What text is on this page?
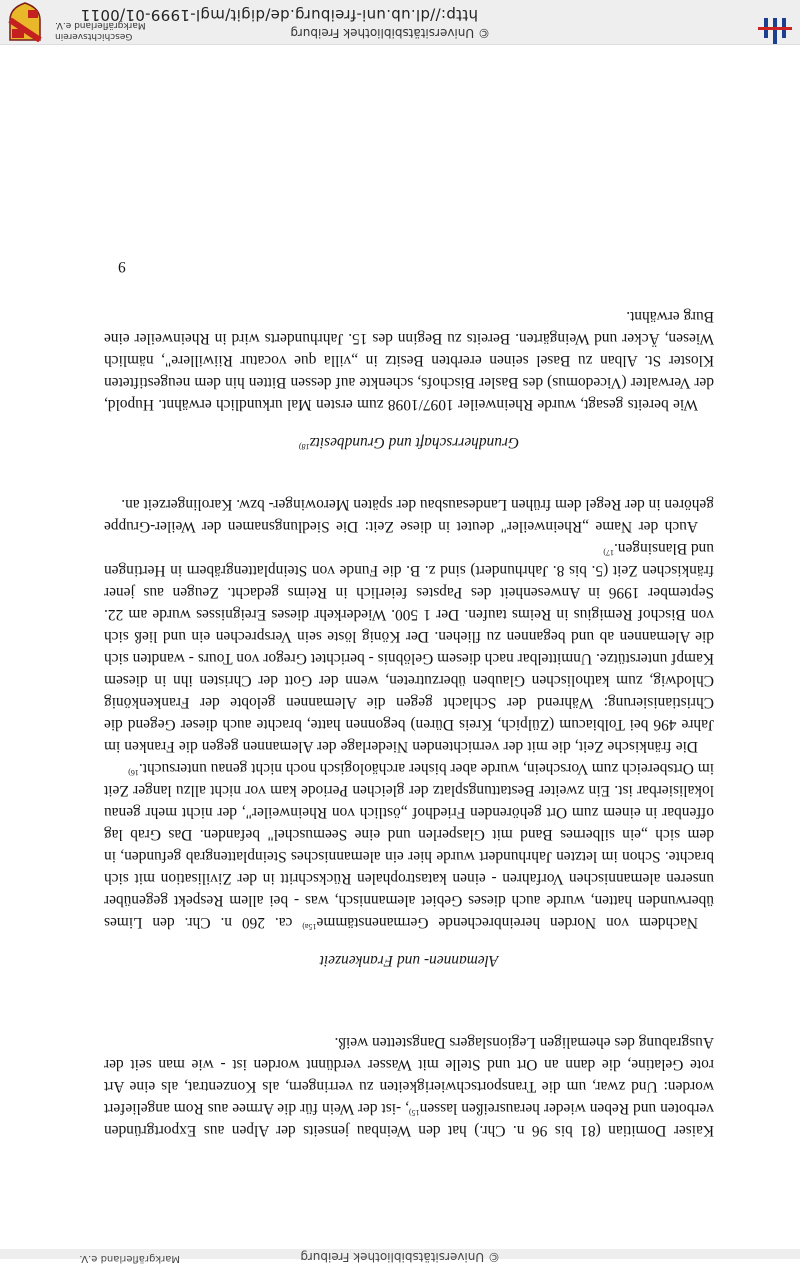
© Universitätsbibliothek Freiburg
Markgräflerland e.V.

Kaiser Domitian (81 bis 96 n. Chr.) hat den Weinbau jenseits der Alpen aus Exportgründen verboten und Reben wieder herausreißen lassen$^{15)}$, -ist der Wein für die Armee aus Rom angeliefert worden: Und zwar, um die Transportschwierigkeiten zu verringern, als Konzentrat, als eine Art rote Gelatine, die dann an Ort und Stelle mit Wasser verdünnt worden ist - wie man seit der Ausgrabung des ehemaligen Legionslagers Dangstetten weiß.

Alemannen- und Frankenzeit

Nachdem von Norden hereinbrechende Germanenstämme$^{15a)}$ ca. 260 n. Chr. den Limes überwunden hatten, wurde auch dieses Gebiet alemannisch, was - bei allem Respekt gegenüber unseren alemannischen Vorfahren - einen katastrophalen Rückschritt in der Zivilisation mit sich brachte. Schon im letzten Jahrhundert wurde hier ein alemannisches Steinplattengrab gefunden, in dem sich „ein silbernes Band mit Glasperlen und eine Seemuschel" befanden. Das Grab lag offenbar in einem zum Ort gehörenden Friedhof „östlich von Rheinweiler", der nicht mehr genau lokalisierbar ist. Ein zweiter Bestattungsplatz der gleichen Periode kam vor nicht allzu langer Zeit im Ortsbereich zum Vorschein, wurde aber bisher archäologisch noch nicht genau untersucht.$^{16)}$

Die fränkische Zeit, die mit der vernichtenden Niederlage der Alemannen gegen die Franken im Jahre 496 bei Tolbiacum (Zülpich, Kreis Düren) begonnen hatte, brachte auch dieser Gegend die Christianisierung: Während der Schlacht gegen die Alemannen gelobte der Frankenkönig Chlodwig, zum katholischen Glauben überzutreten, wenn der Gott der Christen ihn in diesem Kampf unterstütze. Unmittelbar nach diesem Gelöbnis - berichtet Gregor von Tours - wandten sich die Alemannen ab und begannen zu fliehen. Der König löste sein Versprechen ein und ließ sich von Bischof Remigius in Reims taufen. Der 1 500. Wiederkehr dieses Ereignisses wurde am 22. September 1996 in Anwesenheit des Papstes feierlich in Reims gedacht. Zeugen aus jener fränkischen Zeit (5. bis 8. Jahrhundert) sind z. B. die Funde von Steinplattengräbern in Hertingen und Blansingen.$^{17)}$

Auch der Name „Rheinweiler" deutet in diese Zeit: Die Siedlungsnamen der Weiler-Gruppe gehören in der Regel dem frühen Landesausbau der späten Merowinger- bzw. Karolingerzeit an.

Grundherrschaft und Grundbesitz$^{18)}$

Wie bereits gesagt, wurde Rheinweiler 1097/1098 zum ersten Mal urkundlich erwähnt. Hupold, der Verwalter (Vicedomus) des Basler Bischofs, schenkte auf dessen Bitten hin dem neugestifteten Kloster St. Alban zu Basel seinen ererbten Besitz in „villa que vocatur Riiwillere", nämlich Wiesen, Äcker und Weingärten. Bereits zu Beginn des 15. Jahrhunderts wird in Rheinweiler eine Burg erwähnt.

9
© Universitätsbibliothek Freiburg
http://dl.ub.uni-freiburg.de/digit/mgl-1999-01/0011
Geschichtsverein
Markgräflerland e.V.
